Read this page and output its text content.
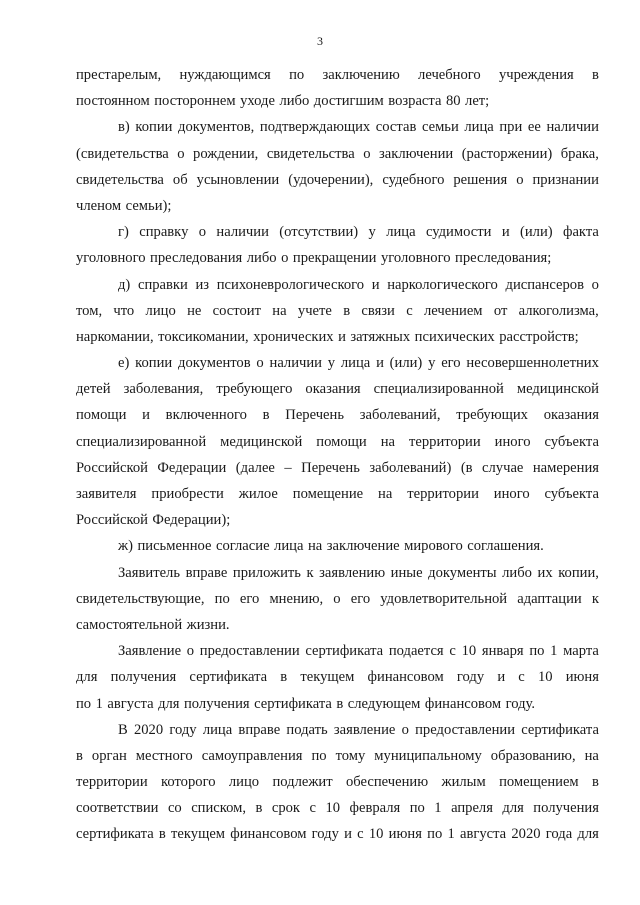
3
престарелым, нуждающимся по заключению лечебного учреждения в
постоянном постороннем уходе либо достигшим возраста 80 лет;
в) копии документов, подтверждающих состав семьи лица при ее наличии
(свидетельства о рождении, свидетельства о заключении (расторжении) брака,
свидетельства об усыновлении (удочерении), судебного решения о признании
членом семьи);
г) справку о наличии (отсутствии) у лица судимости и (или) факта
уголовного преследования либо о прекращении уголовного преследования;
д) справки из психоневрологического и наркологического диспансеров о
том, что лицо не состоит на учете в связи с лечением от алкоголизма,
наркомании, токсикомании, хронических и затяжных психических расстройств;
е) копии документов о наличии у лица и (или) у его несовершеннолетних
детей заболевания, требующего оказания специализированной медицинской
помощи и включенного в Перечень заболеваний, требующих оказания
специализированной медицинской помощи на территории иного субъекта
Российской Федерации (далее – Перечень заболеваний) (в случае намерения
заявителя приобрести жилое помещение на территории иного субъекта
Российской Федерации);
ж) письменное согласие лица на заключение мирового соглашения.
Заявитель вправе приложить к заявлению иные документы либо их копии,
свидетельствующие, по его мнению, о его удовлетворительной адаптации к
самостоятельной жизни.
Заявление о предоставлении сертификата подается с 10 января по 1 марта
для получения сертификата в текущем финансовом году и с 10 июня
по 1 августа для получения сертификата в следующем финансовом году.
В 2020 году лица вправе подать заявление о предоставлении сертификата
в орган местного самоуправления по тому муниципальному образованию, на
территории которого лицо подлежит обеспечению жилым помещением в
соответствии со списком, в срок с 10 февраля по 1 апреля для получения
сертификата в текущем финансовом году и с 10 июня по 1 августа 2020 года для
